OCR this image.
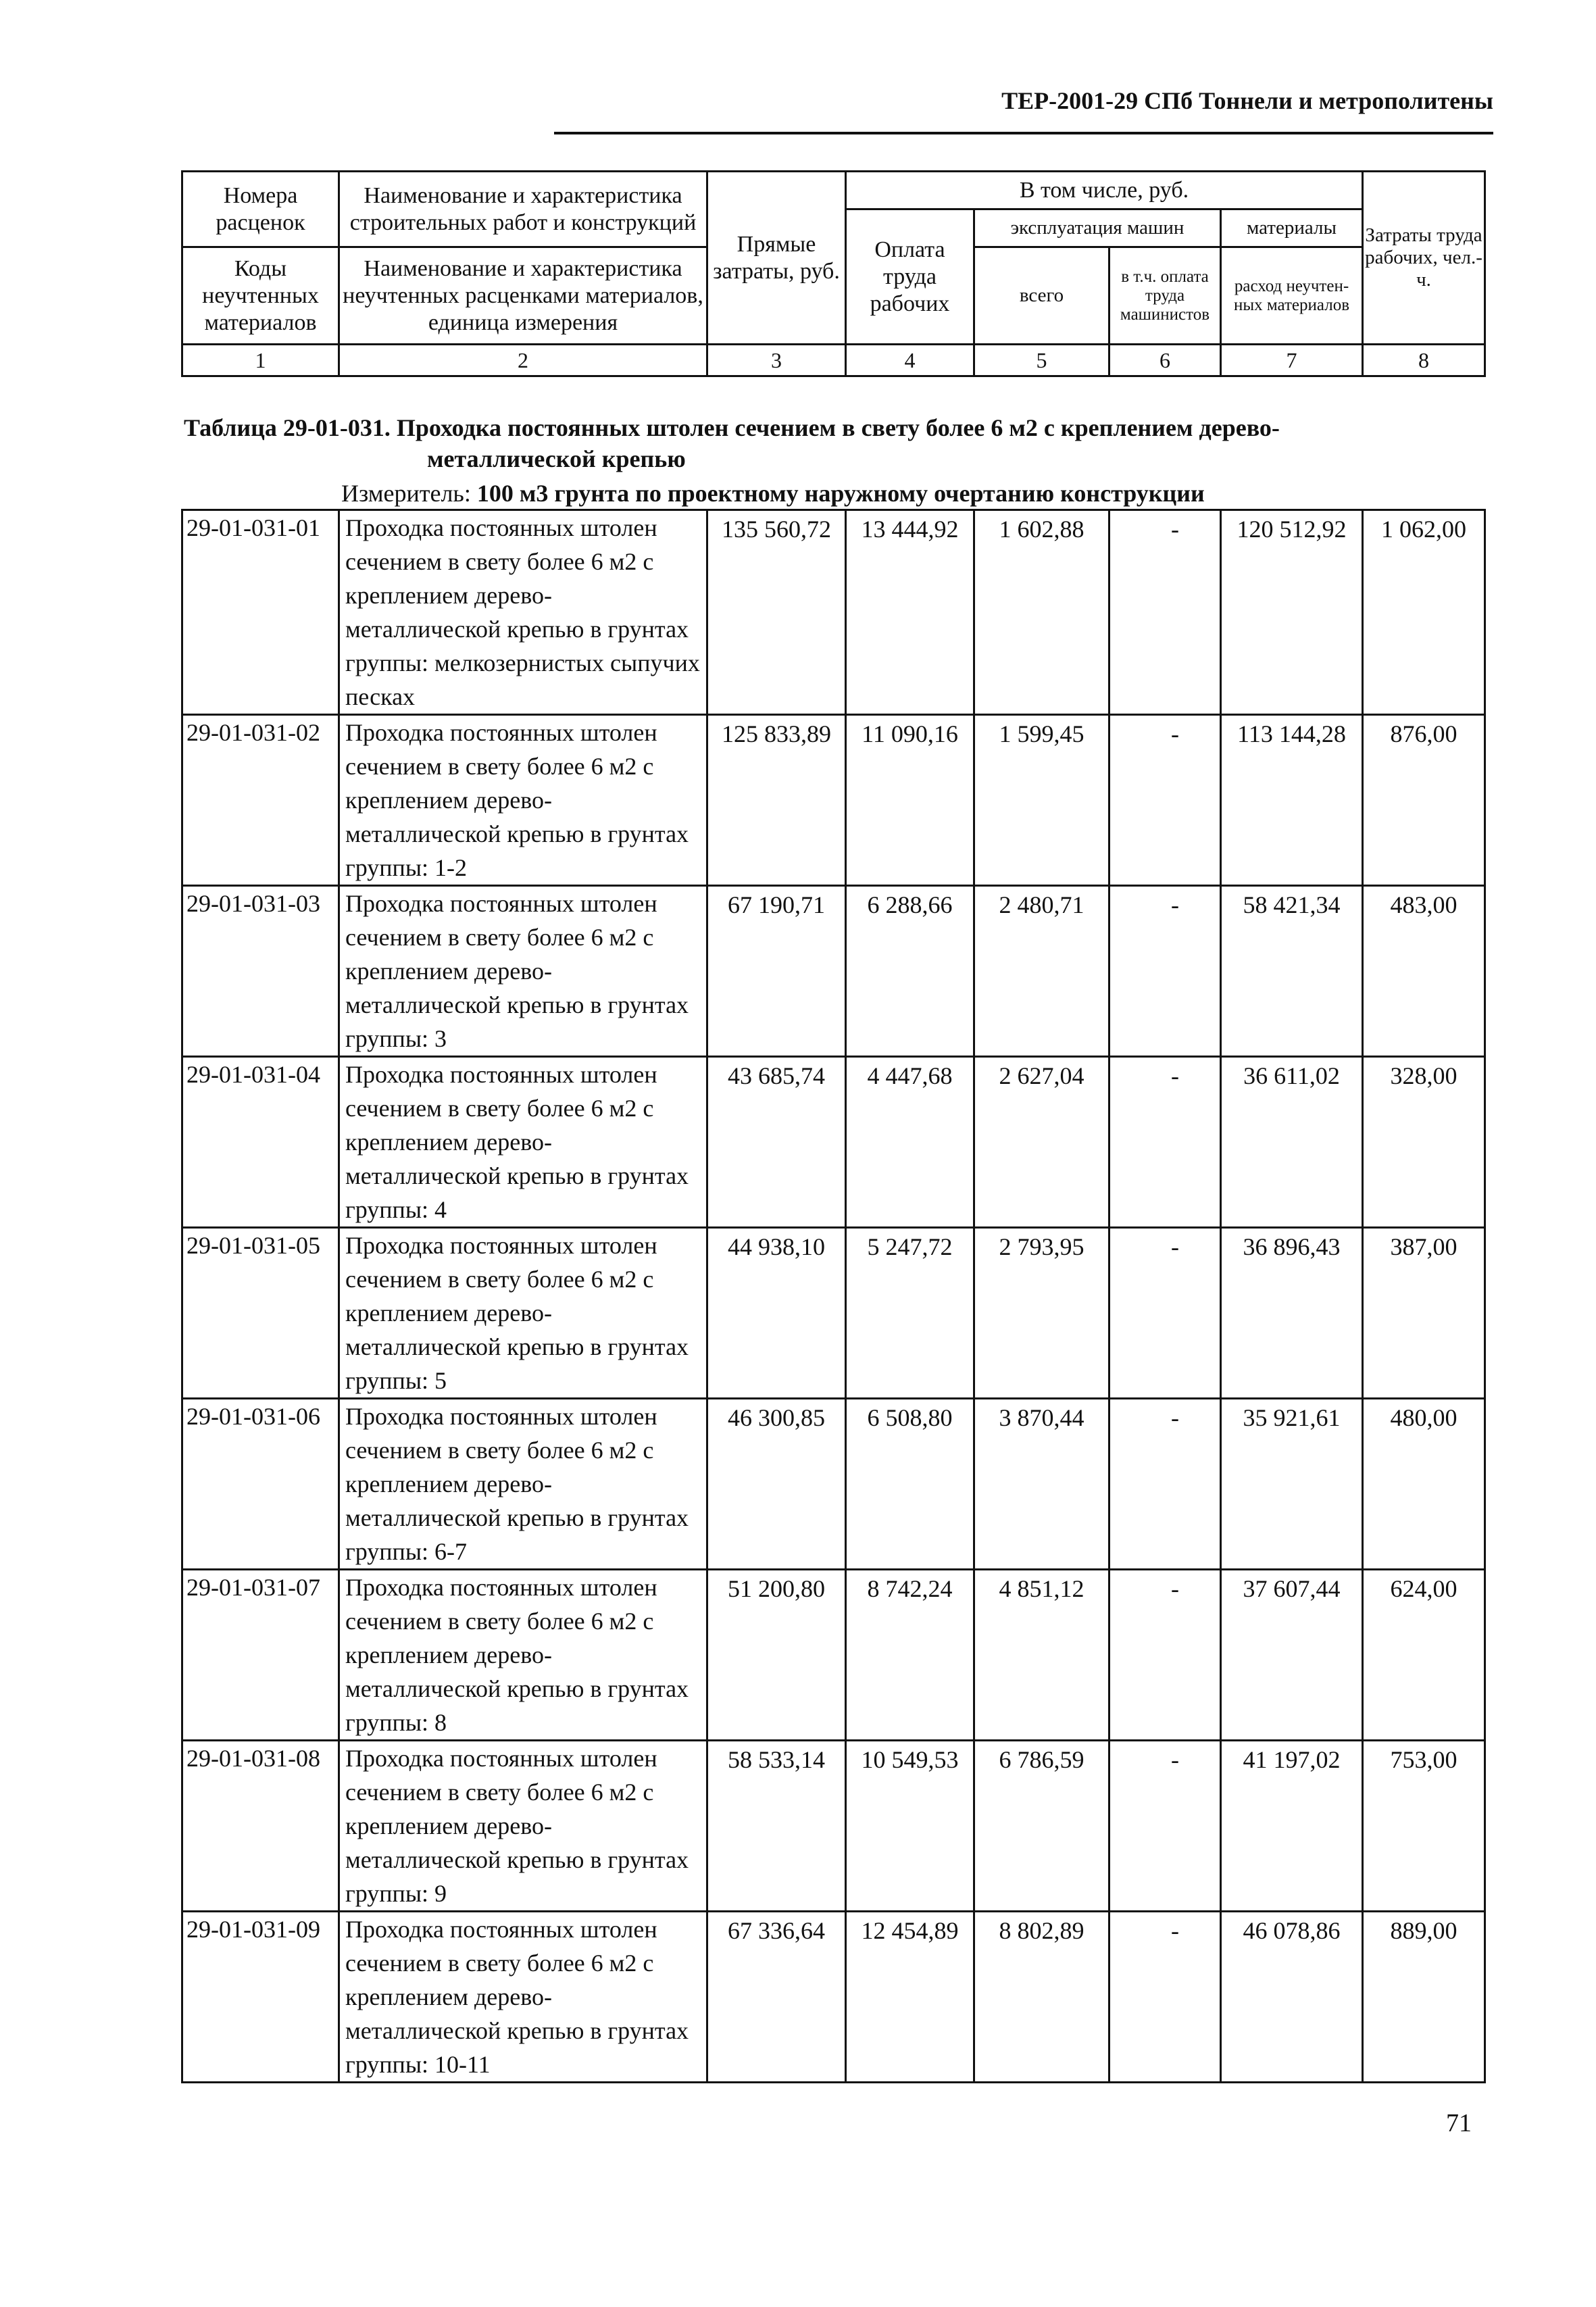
ТЕР-2001-29 СПб Тоннели и метрополитены
Номера расценок	Наименование и характеристика строительных работ и конструкций	Прямые затраты, руб.	В том числе, руб.				Затраты труда рабочих, чел.-ч.
			Оплата труда рабочих	эксплуатация машин		материалы	
Коды неучтенных материалов	Наименование и характеристика неучтенных расценками материалов, единица измерения			всего	в т.ч. оплата труда машинистов	расход неучтен-ных материалов	

1	2	3	4	5	6	7	8
Таблица 29-01-031. Проходка постоянных штолен сечением в свету более 6 м2 с креплением дерево-
металлической крепью
Измеритель: 100 м3 грунта по проектному наружному очертанию конструкции
29-01-031-01	Проходка постоянных штолен сечением в свету более 6 м2 с креплением дерево-металлической крепью в грунтах группы: мелкозернистых сыпучих песках	135 560,72	13 444,92	1 602,88	-	120 512,92	1 062,00
29-01-031-02	Проходка постоянных штолен сечением в свету более 6 м2 с креплением дерево-металлической крепью в грунтах группы: 1-2	125 833,89	11 090,16	1 599,45	-	113 144,28	876,00
29-01-031-03	Проходка постоянных штолен сечением в свету более 6 м2 с креплением дерево-металлической крепью в грунтах группы: 3	67 190,71	6 288,66	2 480,71	-	58 421,34	483,00
29-01-031-04	Проходка постоянных штолен сечением в свету более 6 м2 с креплением дерево-металлической крепью в грунтах группы: 4	43 685,74	4 447,68	2 627,04	-	36 611,02	328,00
29-01-031-05	Проходка постоянных штолен сечением в свету более 6 м2 с креплением дерево-металлической крепью в грунтах группы: 5	44 938,10	5 247,72	2 793,95	-	36 896,43	387,00
29-01-031-06	Проходка постоянных штолен сечением в свету более 6 м2 с креплением дерево-металлической крепью в грунтах группы: 6-7	46 300,85	6 508,80	3 870,44	-	35 921,61	480,00
29-01-031-07	Проходка постоянных штолен сечением в свету более 6 м2 с креплением дерево-металлической крепью в грунтах группы: 8	51 200,80	8 742,24	4 851,12	-	37 607,44	624,00
29-01-031-08	Проходка постоянных штолен сечением в свету более 6 м2 с креплением дерево-металлической крепью в грунтах группы: 9	58 533,14	10 549,53	6 786,59	-	41 197,02	753,00
29-01-031-09	Проходка постоянных штолен сечением в свету более 6 м2 с креплением дерево-металлической крепью в грунтах группы: 10-11	67 336,64	12 454,89	8 802,89	-	46 078,86	889,00
71
